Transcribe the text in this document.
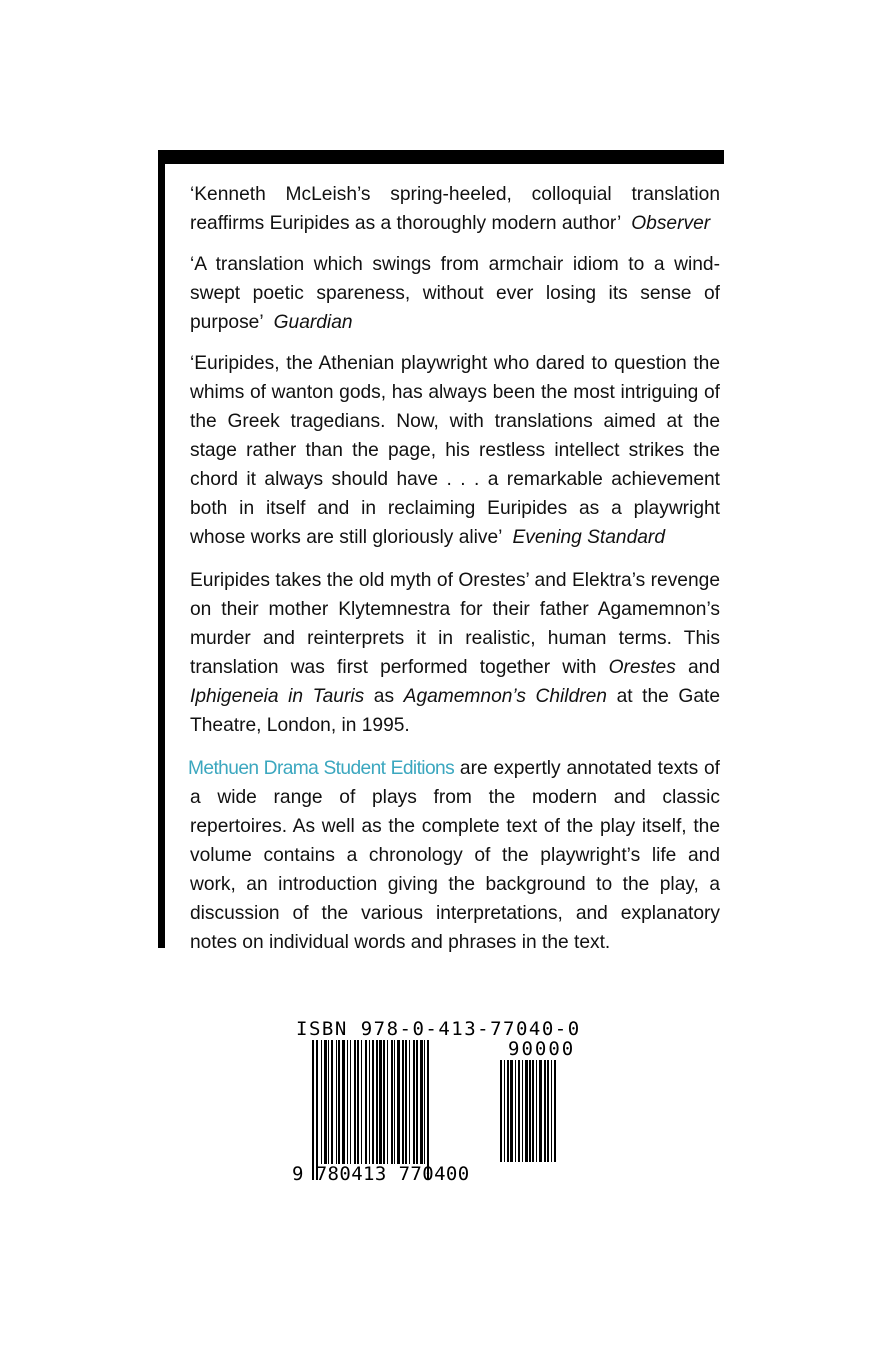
‘Kenneth McLeish’s spring-heeled, colloquial translation reaffirms Euripides as a thoroughly modern author’ Observer

‘A translation which swings from armchair idiom to a wind-swept poetic spareness, without ever losing its sense of purpose’ Guardian

‘Euripides, the Athenian playwright who dared to question the whims of wanton gods, has always been the most intriguing of the Greek tragedians. Now, with translations aimed at the stage rather than the page, his restless intellect strikes the chord it always should have . . . a remarkable achievement both in itself and in reclaiming Euripides as a playwright whose works are still gloriously alive’ Evening Standard

Euripides takes the old myth of Orestes’ and Elektra’s revenge on their mother Klytemnestra for their father Agamemnon’s murder and reinterprets it in realistic, human terms. This translation was first performed together with Orestes and Iphigeneia in Tauris as Agamemnon’s Children at the Gate Theatre, London, in 1995.

Methuen Drama Student Editions are expertly annotated texts of a wide range of plays from the modern and classic repertoires. As well as the complete text of the play itself, the volume contains a chronology of the playwright’s life and work, an introduction giving the background to the play, a discussion of the various interpretations, and explanatory notes on individual words and phrases in the text.

ISBN 978-0-413-77040-0
90000
9 780413 770400
